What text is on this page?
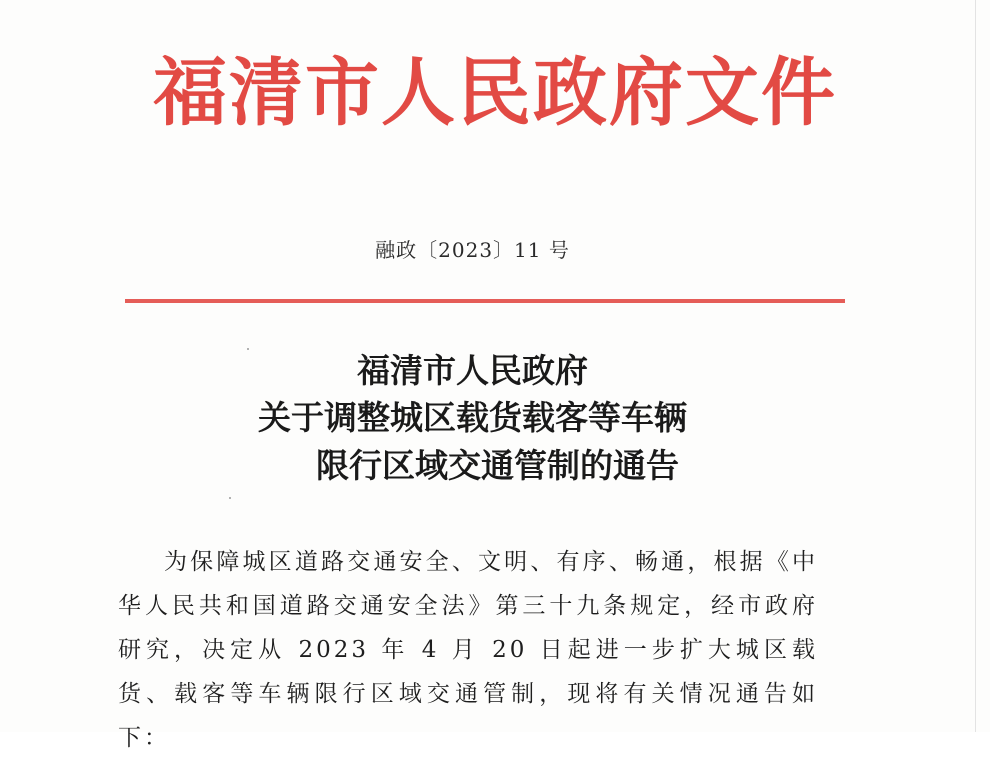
福清市人民政府文件
融政〔2023〕11 号
福清市人民政府
关于调整城区载货载客等车辆
限行区域交通管制的通告

为保障城区道路交通安全、文明、有序、畅通，根据《中华人民共和国道路交通安全法》第三十九条规定，经市政府研究，决定从 2023 年 4 月 20 日起进一步扩大城区载货、载客等车辆限行区域交通管制，现将有关情况通告如下：
